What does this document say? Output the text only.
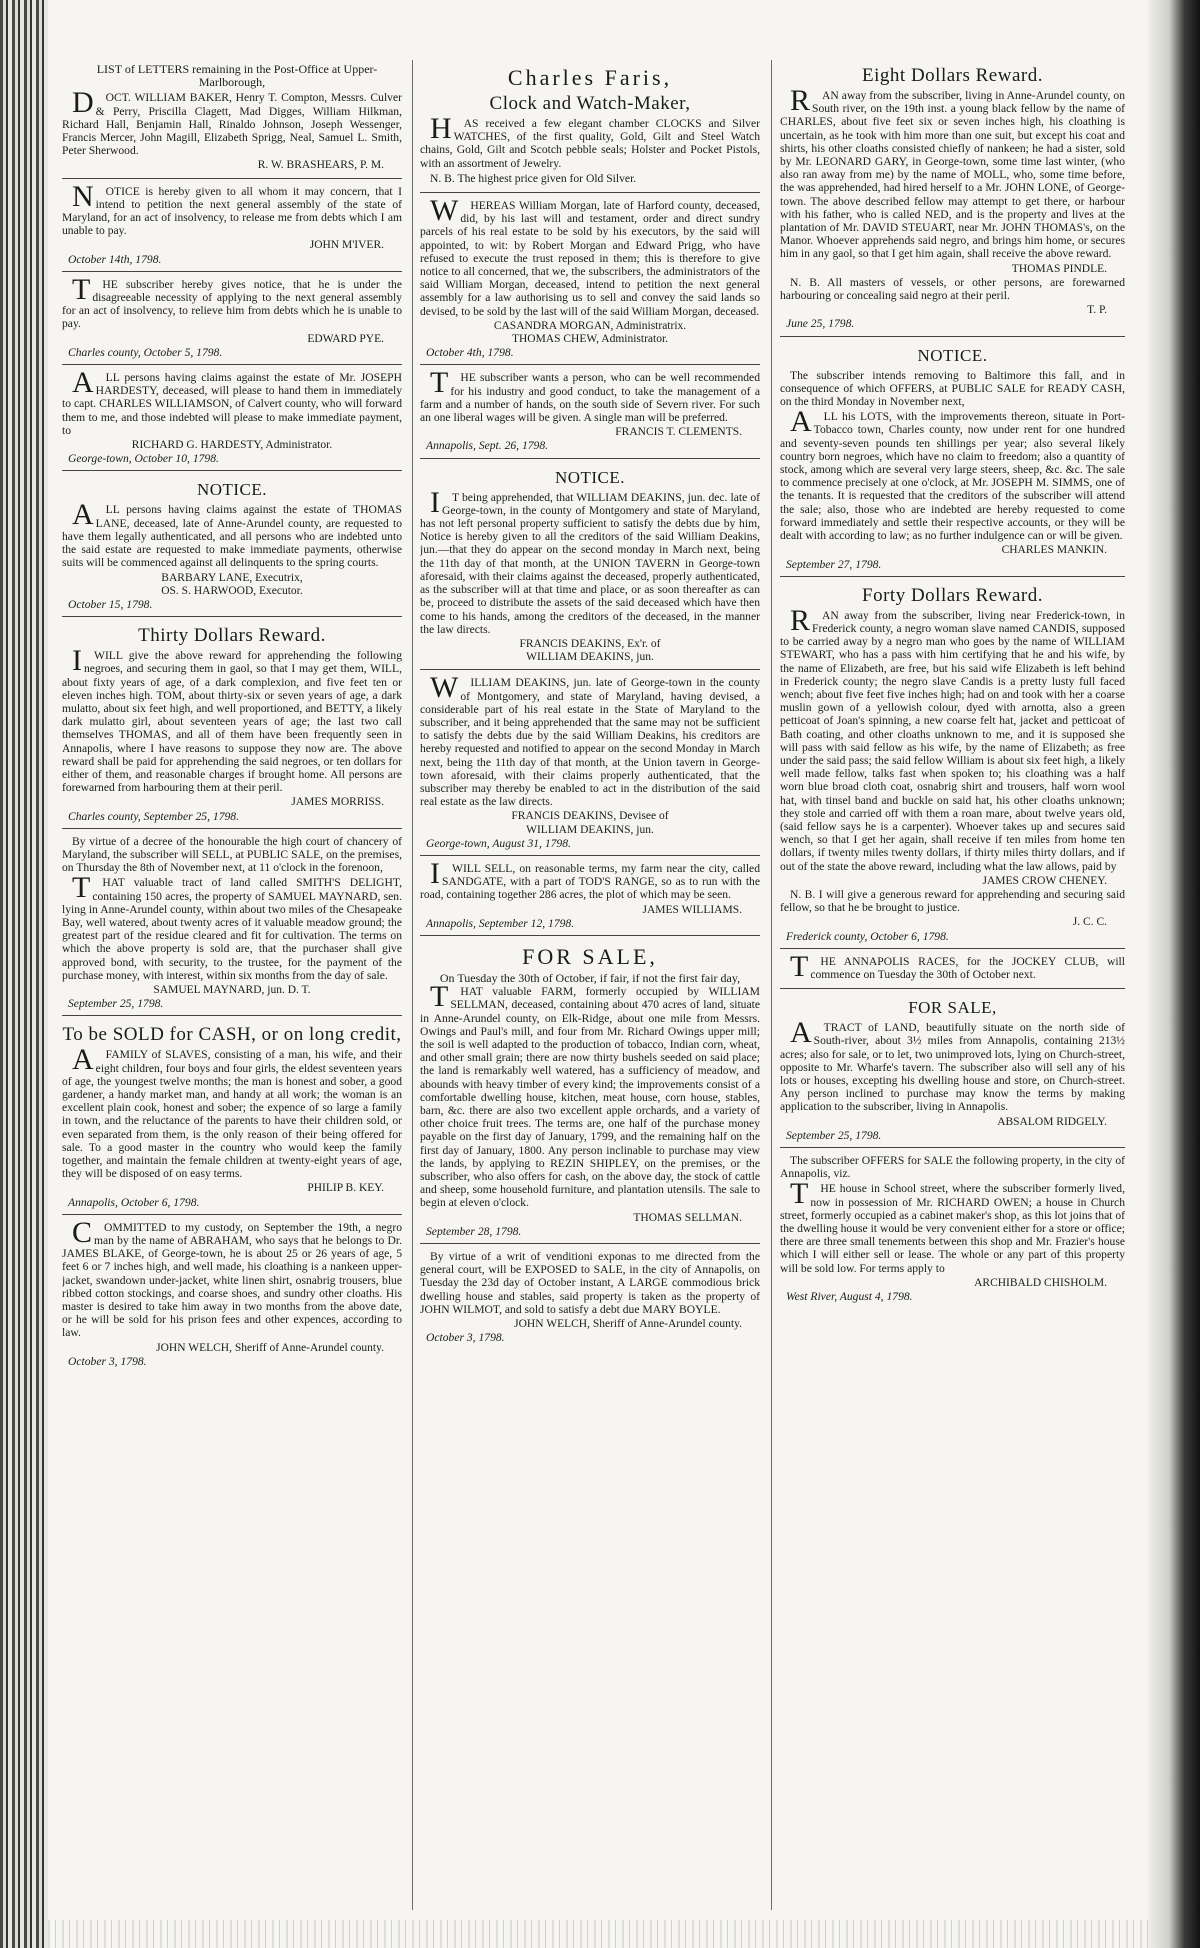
LIST of LETTERS remaining in the Post-Office at Upper-Marlborough,

DOCT. WILLIAM BAKER, Henry T. Compton, Messrs. Culver & Perry, Priscilla Clagett, Mad Digges, William Hilkman, Richard Hall, Benjamin Hall, Rinaldo Johnson, Joseph Wessenger, Francis Mercer, John Magill, Elizabeth Sprigg, Neal, Samuel L. Smith, Peter Sherwood.

R. W. BRASHEARS, P. M.

NOTICE is hereby given to all whom it may concern, that I intend to petition the next general assembly of the state of Maryland, for an act of insolvency, to release me from debts which I am unable to pay.

JOHN M'IVER.
October 14th, 1798.

THE subscriber hereby gives notice, that he is under the disagreeable necessity of applying to the next general assembly for an act of insolvency, to relieve him from debts which he is unable to pay.

EDWARD PYE.
Charles county, October 5, 1798.

ALL persons having claims against the estate of Mr. JOSEPH HARDESTY, deceased, will please to hand them in immediately to capt. CHARLES WILLIAMSON, of Calvert county, who will forward them to me, and those indebted will please to make immediate payment, to

RICHARD G. HARDESTY, Administrator.
George-town, October 10, 1798.
NOTICE.

ALL persons having claims against the estate of THOMAS LANE, deceased, late of Anne-Arundel county, are requested to have them legally authenticated, and all persons who are indebted unto the said estate are requested to make immediate payments, otherwise suits will be commenced against all delinquents to the spring courts.

BARBARY LANE, Executrix,
OS. S. HARWOOD, Executor.
October 15, 1798.
Thirty Dollars Reward.

IWILL give the above reward for apprehending the following negroes, and securing them in gaol, so that I may get them, WILL, about fixty years of age, of a dark complexion, and five feet ten or eleven inches high. TOM, about thirty-six or seven years of age, a dark mulatto, about six feet high, and well proportioned, and BETTY, a likely dark mulatto girl, about seventeen years of age; the last two call themselves THOMAS, and all of them have been frequently seen in Annapolis, where I have reasons to suppose they now are. The above reward shall be paid for apprehending the said negroes, or ten dollars for either of them, and reasonable charges if brought home. All persons are forewarned from harbouring them at their peril.

JAMES MORRISS.
Charles county, September 25, 1798.

By virtue of a decree of the honourable the high court of chancery of Maryland, the subscriber will SELL, at PUBLIC SALE, on the premises, on Thursday the 8th of November next, at 11 o'clock in the forenoon,

THAT valuable tract of land called SMITH'S DELIGHT, containing 150 acres, the property of SAMUEL MAYNARD, sen. lying in Anne-Arundel county, within about two miles of the Chesapeake Bay, well watered, about twenty acres of it valuable meadow ground; the greatest part of the residue cleared and fit for cultivation. The terms on which the above property is sold are, that the purchaser shall give approved bond, with security, to the trustee, for the payment of the purchase money, with interest, within six months from the day of sale.

SAMUEL MAYNARD, jun. D. T.
September 25, 1798.
To be SOLD for CASH, or on long credit,

AFAMILY of SLAVES, consisting of a man, his wife, and their eight children, four boys and four girls, the eldest seventeen years of age, the youngest twelve months; the man is honest and sober, a good gardener, a handy market man, and handy at all work; the woman is an excellent plain cook, honest and sober; the expence of so large a family in town, and the reluctance of the parents to have their children sold, or even separated from them, is the only reason of their being offered for sale. To a good master in the country who would keep the family together, and maintain the female children at twenty-eight years of age, they will be disposed of on easy terms.

PHILIP B. KEY.
Annapolis, October 6, 1798.

COMMITTED to my custody, on September the 19th, a negro man by the name of ABRAHAM, who says that he belongs to Dr. JAMES BLAKE, of George-town, he is about 25 or 26 years of age, 5 feet 6 or 7 inches high, and well made, his cloathing is a nankeen upper-jacket, swandown under-jacket, white linen shirt, osnabrig trousers, blue ribbed cotton stockings, and coarse shoes, and sundry other cloaths. His master is desired to take him away in two months from the above date, or he will be sold for his prison fees and other expences, according to law.

JOHN WELCH, Sheriff of Anne-Arundel county.
October 3, 1798.
Charles Faris,
Clock and Watch-Maker,

HAS received a few elegant chamber CLOCKS and Silver WATCHES, of the first quality, Gold, Gilt and Steel Watch chains, Gold, Gilt and Scotch pebble seals; Holster and Pocket Pistols, with an assortment of Jewelry.

N. B. The highest price given for Old Silver.

WHEREAS William Morgan, late of Harford county, deceased, did, by his last will and testament, order and direct sundry parcels of his real estate to be sold by his executors, by the said will appointed, to wit: by Robert Morgan and Edward Prigg, who have refused to execute the trust reposed in them; this is therefore to give notice to all concerned, that we, the subscribers, the administrators of the said William Morgan, deceased, intend to petition the next general assembly for a law authorising us to sell and convey the said lands so devised, to be sold by the last will of the said William Morgan, deceased.

CASANDRA MORGAN, Administratrix.
THOMAS CHEW, Administrator.
October 4th, 1798.

THE subscriber wants a person, who can be well recommended for his industry and good conduct, to take the management of a farm and a number of hands, on the south side of Severn river. For such an one liberal wages will be given. A single man will be preferred.

FRANCIS T. CLEMENTS.
Annapolis, Sept. 26, 1798.
NOTICE.

IT being apprehended, that WILLIAM DEAKINS, jun. dec. late of George-town, in the county of Montgomery and state of Maryland, has not left personal property sufficient to satisfy the debts due by him, Notice is hereby given to all the creditors of the said William Deakins, jun.—that they do appear on the second monday in March next, being the 11th day of that month, at the UNION TAVERN in George-town aforesaid, with their claims against the deceased, properly authenticated, as the subscriber will at that time and place, or as soon thereafter as can be, proceed to distribute the assets of the said deceased which have then come to his hands, among the creditors of the deceased, in the manner the law directs.

FRANCIS DEAKINS, Ex'r. of
WILLIAM DEAKINS, jun.

WILLIAM DEAKINS, jun. late of George-town in the county of Montgomery, and state of Maryland, having devised, a considerable part of his real estate in the State of Maryland to the subscriber, and it being apprehended that the same may not be sufficient to satisfy the debts due by the said William Deakins, his creditors are hereby requested and notified to appear on the second Monday in March next, being the 11th day of that month, at the Union tavern in George-town aforesaid, with their claims properly authenticated, that the subscriber may thereby be enabled to act in the distribution of the said real estate as the law directs.

FRANCIS DEAKINS, Devisee of
WILLIAM DEAKINS, jun.
George-town, August 31, 1798.

IWILL SELL, on reasonable terms, my farm near the city, called SANDGATE, with a part of TOD'S RANGE, so as to run with the road, containing together 286 acres, the plot of which may be seen.

JAMES WILLIAMS.
Annapolis, September 12, 1798.
FOR SALE,
On Tuesday the 30th of October, if fair, if not the first fair day,

THAT valuable FARM, formerly occupied by WILLIAM SELLMAN, deceased, containing about 470 acres of land, situate in Anne-Arundel county, on Elk-Ridge, about one mile from Messrs. Owings and Paul's mill, and four from Mr. Richard Owings upper mill; the soil is well adapted to the production of tobacco, Indian corn, wheat, and other small grain; there are now thirty bushels seeded on said place; the land is remarkably well watered, has a sufficiency of meadow, and abounds with heavy timber of every kind; the improvements consist of a comfortable dwelling house, kitchen, meat house, corn house, stables, barn, &c. there are also two excellent apple orchards, and a variety of other choice fruit trees. The terms are, one half of the purchase money payable on the first day of January, 1799, and the remaining half on the first day of January, 1800. Any person inclinable to purchase may view the lands, by applying to REZIN SHIPLEY, on the premises, or the subscriber, who also offers for cash, on the above day, the stock of cattle and sheep, some household furniture, and plantation utensils. The sale to begin at eleven o'clock.

THOMAS SELLMAN.
September 28, 1798.

By virtue of a writ of venditioni exponas to me directed from the general court, will be EXPOSED to SALE, in the city of Annapolis, on Tuesday the 23d day of October instant, A LARGE commodious brick dwelling house and stables, said property is taken as the property of JOHN WILMOT, and sold to satisfy a debt due MARY BOYLE.

JOHN WELCH, Sheriff of Anne-Arundel county.
October 3, 1798.
Eight Dollars Reward.

RAN away from the subscriber, living in Anne-Arundel county, on South river, on the 19th inst. a young black fellow by the name of CHARLES, about five feet six or seven inches high, his cloathing is uncertain, as he took with him more than one suit, but except his coat and shirts, his other cloaths consisted chiefly of nankeen; he had a sister, sold by Mr. LEONARD GARY, in George-town, some time last winter, (who also ran away from me) by the name of MOLL, who, some time before, the was apprehended, had hired herself to a Mr. JOHN LONE, of George-town. The above described fellow may attempt to get there, or harbour with his father, who is called NED, and is the property and lives at the plantation of Mr. DAVID STEUART, near Mr. JOHN THOMAS's, on the Manor. Whoever apprehends said negro, and brings him home, or secures him in any gaol, so that I get him again, shall receive the above reward.

THOMAS PINDLE.

N. B. All masters of vessels, or other persons, are forewarned harbouring or concealing said negro at their peril.

T. P.
June 25, 1798.
NOTICE.

The subscriber intends removing to Baltimore this fall, and in consequence of which OFFERS, at PUBLIC SALE for READY CASH, on the third Monday in November next,

ALL his LOTS, with the improvements thereon, situate in Port-Tobacco town, Charles county, now under rent for one hundred and seventy-seven pounds ten shillings per year; also several likely country born negroes, which have no claim to freedom; also a quantity of stock, among which are several very large steers, sheep, &c. &c. The sale to commence precisely at one o'clock, at Mr. JOSEPH M. SIMMS, one of the tenants. It is requested that the creditors of the subscriber will attend the sale; also, those who are indebted are hereby requested to come forward immediately and settle their respective accounts, or they will be dealt with according to law; as no further indulgence can or will be given.

CHARLES MANKIN.
September 27, 1798.
Forty Dollars Reward.

RAN away from the subscriber, living near Frederick-town, in Frederick county, a negro woman slave named CANDIS, supposed to be carried away by a negro man who goes by the name of WILLIAM STEWART, who has a pass with him certifying that he and his wife, by the name of Elizabeth, are free, but his said wife Elizabeth is left behind in Frederick county; the negro slave Candis is a pretty lusty full faced wench; about five feet five inches high; had on and took with her a coarse muslin gown of a yellowish colour, dyed with arnotta, also a green petticoat of Joan's spinning, a new coarse felt hat, jacket and petticoat of Bath coating, and other cloaths unknown to me, and it is supposed she will pass with said fellow as his wife, by the name of Elizabeth; as free under the said pass; the said fellow William is about six feet high, a likely well made fellow, talks fast when spoken to; his cloathing was a half worn blue broad cloth coat, osnabrig shirt and trousers, half worn wool hat, with tinsel band and buckle on said hat, his other cloaths unknown; they stole and carried off with them a roan mare, about twelve years old, (said fellow says he is a carpenter). Whoever takes up and secures said wench, so that I get her again, shall receive if ten miles from home ten dollars, if twenty miles twenty dollars, if thirty miles thirty dollars, and if out of the state the above reward, including what the law allows, paid by

JAMES CROW CHENEY.

N. B. I will give a generous reward for apprehending and securing said fellow, so that he be brought to justice.

J. C. C.
Frederick county, October 6, 1798.

THE ANNAPOLIS RACES, for the JOCKEY CLUB, will commence on Tuesday the 30th of October next.

FOR SALE,

ATRACT of LAND, beautifully situate on the north side of South-river, about 3½ miles from Annapolis, containing 213½ acres; also for sale, or to let, two unimproved lots, lying on Church-street, opposite to Mr. Wharfe's tavern. The subscriber also will sell any of his lots or houses, excepting his dwelling house and store, on Church-street. Any person inclined to purchase may know the terms by making application to the subscriber, living in Annapolis.

ABSALOM RIDGELY.
September 25, 1798.

The subscriber OFFERS for SALE the following property, in the city of Annapolis, viz.

THE house in School street, where the subscriber formerly lived, now in possession of Mr. RICHARD OWEN; a house in Church street, formerly occupied as a cabinet maker's shop, as this lot joins that of the dwelling house it would be very convenient either for a store or office; there are three small tenements between this shop and Mr. Frazier's house which I will either sell or lease. The whole or any part of this property will be sold low. For terms apply to

ARCHIBALD CHISHOLM.
West River, August 4, 1798.
